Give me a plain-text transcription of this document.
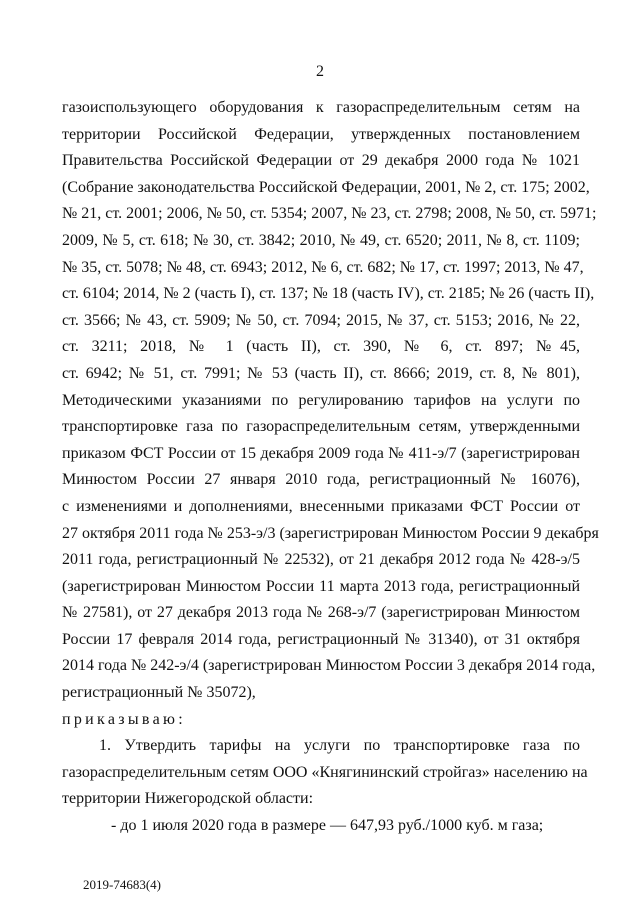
2
газоиспользующего оборудования к газораспределительным сетям на
территории Российской Федерации, утвержденных постановлением
Правительства Российской Федерации от 29 декабря 2000 года № 1021
(Собрание законодательства Российской Федерации, 2001, № 2, ст. 175; 2002,
№ 21, ст. 2001; 2006, № 50, ст. 5354; 2007, № 23, ст. 2798; 2008, № 50, ст. 5971;
2009, № 5, ст. 618; № 30, ст. 3842; 2010, № 49, ст. 6520; 2011, № 8, ст. 1109;
№ 35, ст. 5078; № 48, ст. 6943; 2012, № 6, ст. 682; № 17, ст. 1997; 2013, № 47,
ст. 6104; 2014, № 2 (часть I), ст. 137; № 18 (часть IV), ст. 2185; № 26 (часть II),
ст. 3566; № 43, ст. 5909; № 50, ст. 7094; 2015, № 37, ст. 5153; 2016, № 22,
ст. 3211; 2018, № 1 (часть II), ст. 390, № 6, ст. 897; №45,
ст. 6942; № 51, ст. 7991; № 53 (часть II), ст. 8666; 2019, ст. 8, № 801),
Методическими указаниями по регулированию тарифов на услуги по
транспортировке газа по газораспределительным сетям, утвержденными
приказом ФСТ России от 15 декабря 2009 года № 411-э/7 (зарегистрирован
Минюстом России 27 января 2010 года, регистрационный № 16076),
с изменениями и дополнениями, внесенными приказами ФСТ России от
27 октября 2011 года № 253-э/3 (зарегистрирован Минюстом России 9 декабря
2011 года, регистрационный № 22532), от 21 декабря 2012 года № 428-э/5
(зарегистрирован Минюстом России 11 марта 2013 года, регистрационный
№ 27581), от 27 декабря 2013 года № 268-э/7 (зарегистрирован Минюстом
России 17 февраля 2014 года, регистрационный № 31340), от 31 октября
2014 года № 242-э/4 (зарегистрирован Минюстом России 3 декабря 2014 года,
регистрационный № 35072),
приказываю:
1. Утвердить тарифы на услуги по транспортировке газа по
газораспределительным сетям ООО «Княгининский стройгаз» населению на
территории Нижегородской области:
- до 1 июля 2020 года в размере — 647,93 руб./1000 куб. м газа;
2019-74683(4)
